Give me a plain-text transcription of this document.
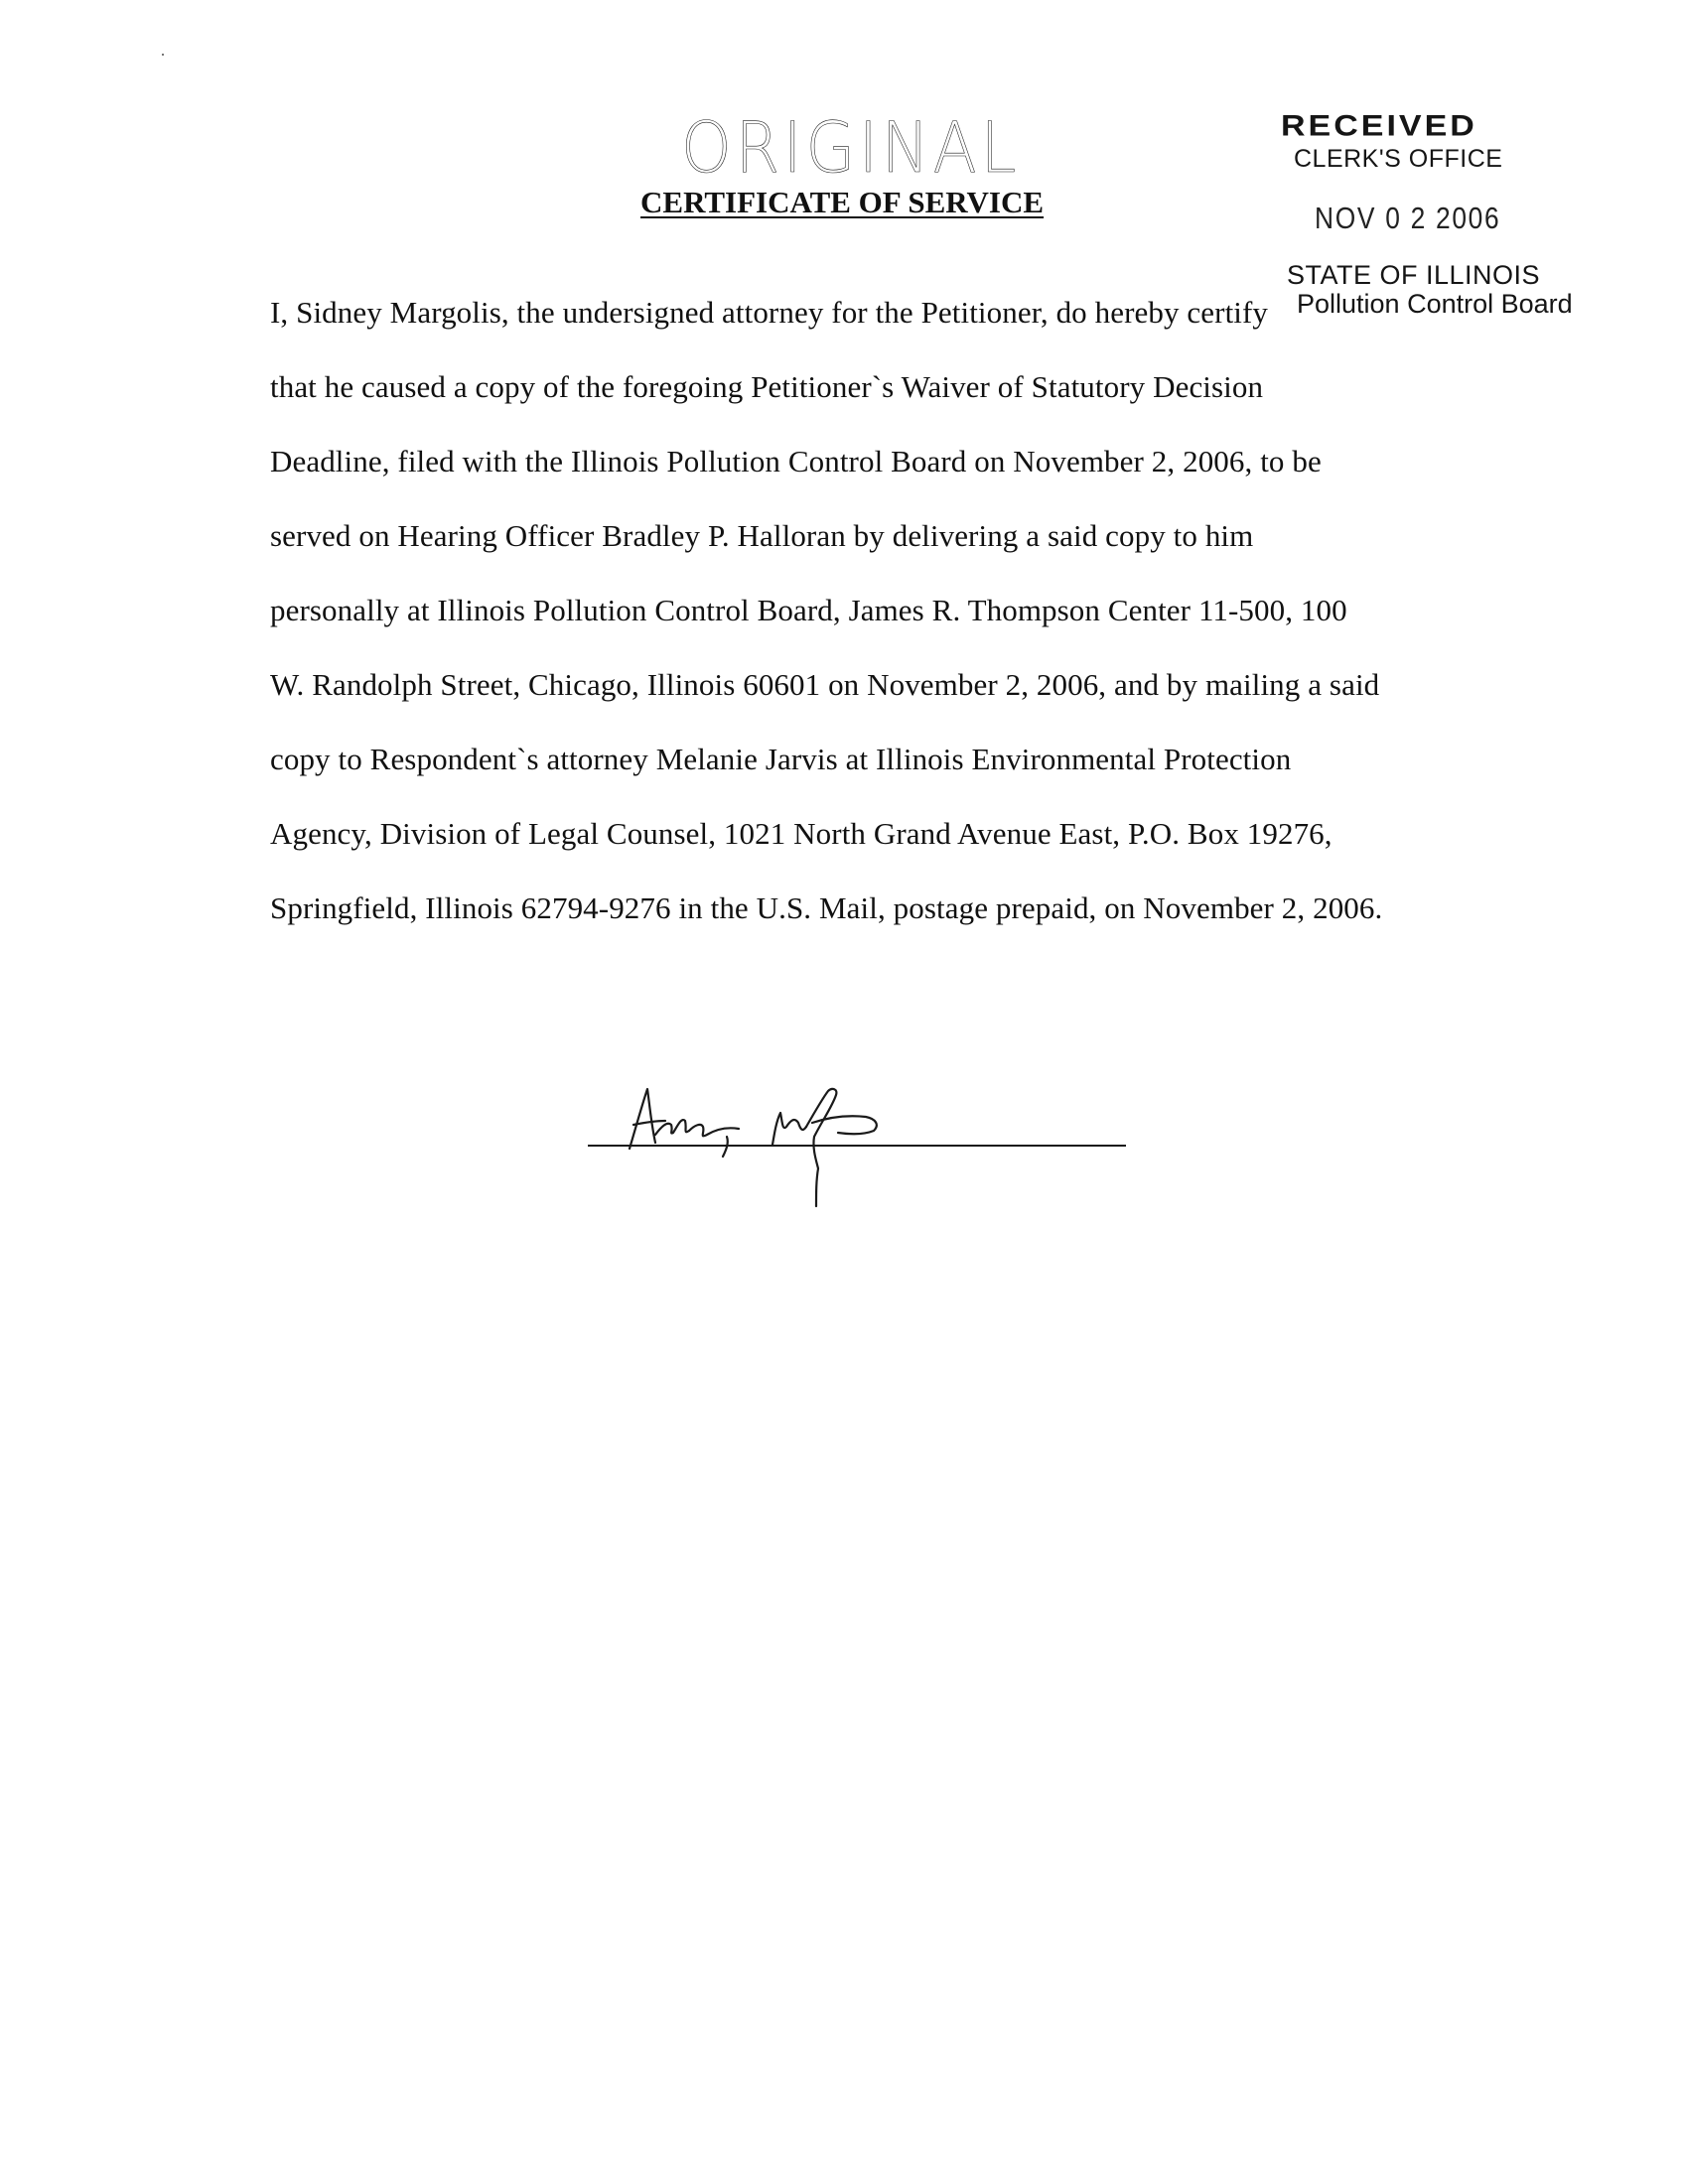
ORIGINAL
CERTIFICATE OF SERVICE
RECEIVED
CLERK'S OFFICE
NOV 0 2 2006
STATE OF ILLINOIS
Pollution Control Board
I, Sidney Margolis, the undersigned attorney for the Petitioner, do hereby certify
that he caused a copy of the foregoing Petitioner`s Waiver of Statutory Decision
Deadline, filed with the Illinois Pollution Control Board on November 2, 2006, to be
served on Hearing Officer Bradley P. Halloran by delivering a said copy to him
personally at Illinois Pollution Control Board, James R. Thompson Center 11-500, 100
W. Randolph Street, Chicago, Illinois 60601 on November 2, 2006, and by mailing a said
copy to Respondent`s attorney Melanie Jarvis at Illinois Environmental Protection
Agency, Division of Legal Counsel, 1021 North Grand Avenue East, P.O. Box 19276,
Springfield, Illinois 62794-9276 in the U.S. Mail, postage prepaid, on November 2, 2006.
